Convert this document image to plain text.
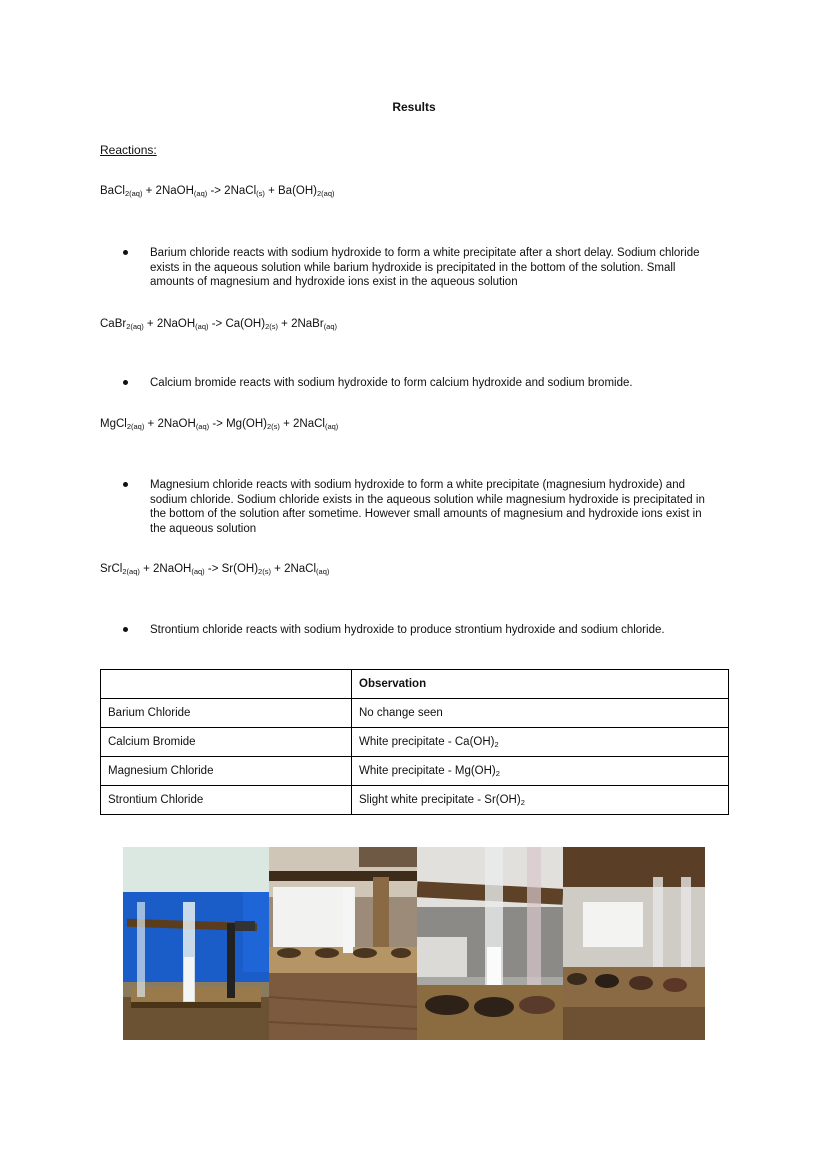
Results
Reactions:
BaCl$_{2(aq)}$ + 2NaOH$_{(aq)}$ -> 2NaCl$_{(s)}$ + $Ba(OH)_{2(aq)}$
Barium chloride reacts with sodium hydroxide to form a white precipitate after a short delay. Sodium chloride exists in the aqueous solution while barium hydroxide is precipitated in the bottom of the solution. Small amounts of magnesium and hydroxide ions exist in the aqueous solution
CaBr$_{2(aq)}$ + 2NaOH$_{(aq)}$ -> $Ca(OH)_{2(s)}$ + 2NaBr$_{(aq)}$
Calcium bromide reacts with sodium hydroxide to form calcium hydroxide and sodium bromide.
MgCl$_{2(aq)}$ + 2NaOH$_{(aq)}$ -> $Mg(OH)_{2(s)}$ + 2NaCl$_{(aq)}$
Magnesium chloride reacts with sodium hydroxide to form a white precipitate (magnesium hydroxide) and sodium chloride. Sodium chloride exists in the aqueous solution while magnesium hydroxide is precipitated in the bottom of the solution after sometime. However small amounts of magnesium and hydroxide ions exist in the aqueous solution
SrCl$_{2(aq)}$ + 2NaOH$_{(aq)}$ -> $Sr(OH)_{2(s)}$ + 2NaCl$_{(aq)}$
Strontium chloride reacts with sodium hydroxide to produce strontium hydroxide and sodium chloride.
	Observation
Barium Chloride	No change seen
Calcium Bromide	White precipitate - $Ca(OH)_2$
Magnesium Chloride	White precipitate - $Mg(OH)_2$
Strontium Chloride	Slight white precipitate - $Sr(OH)_2$
